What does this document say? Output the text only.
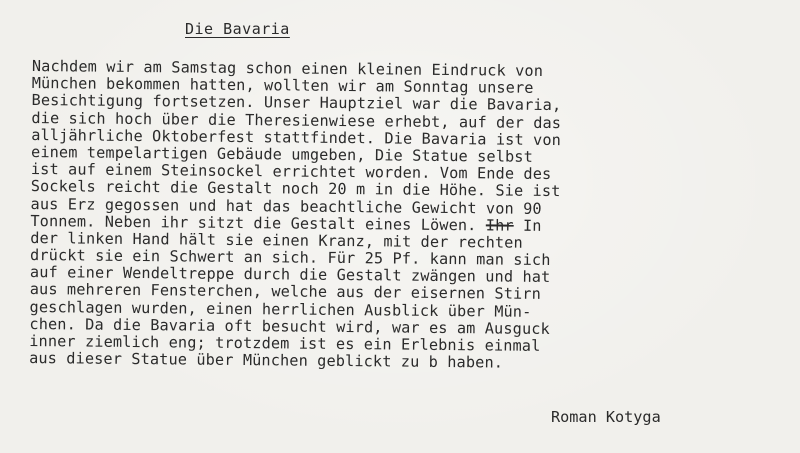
Die Bavaria
Nachdem wir am Samstag schon einen kleinen Eindruck von
München bekommen hatten, wollten wir am Sonntag unsere
Besichtigung fortsetzen. Unser Hauptziel war die Bavaria,
die sich hoch über die Theresienwiese erhebt, auf der das
alljährliche Oktoberfest stattfindet. Die Bavaria ist von
einem tempelartigen Gebäude umgeben, Die Statue selbst
ist auf einem Steinsockel errichtet worden. Vom Ende des
Sockels reicht die Gestalt noch 20 m in die Höhe. Sie ist
aus Erz gegossen und hat das beachtliche Gewicht von 90
Tonnem. Neben ihr sitzt die Gestalt eines Löwen. Ihr In
der linken Hand hält sie einen Kranz, mit der rechten
drückt sie ein Schwert an sich. Für 25 Pf. kann man sich
auf einer Wendeltreppe durch die Gestalt zwängen und hat
aus mehreren Fensterchen, welche aus der eisernen Stirn
geschlagen wurden, einen herrlichen Ausblick über Mün-
chen. Da die Bavaria oft besucht wird, war es am Ausguck
inner ziemlich eng; trotzdem ist es ein Erlebnis einmal
aus dieser Statue über München geblickt zu b haben.
Roman Kotyga
